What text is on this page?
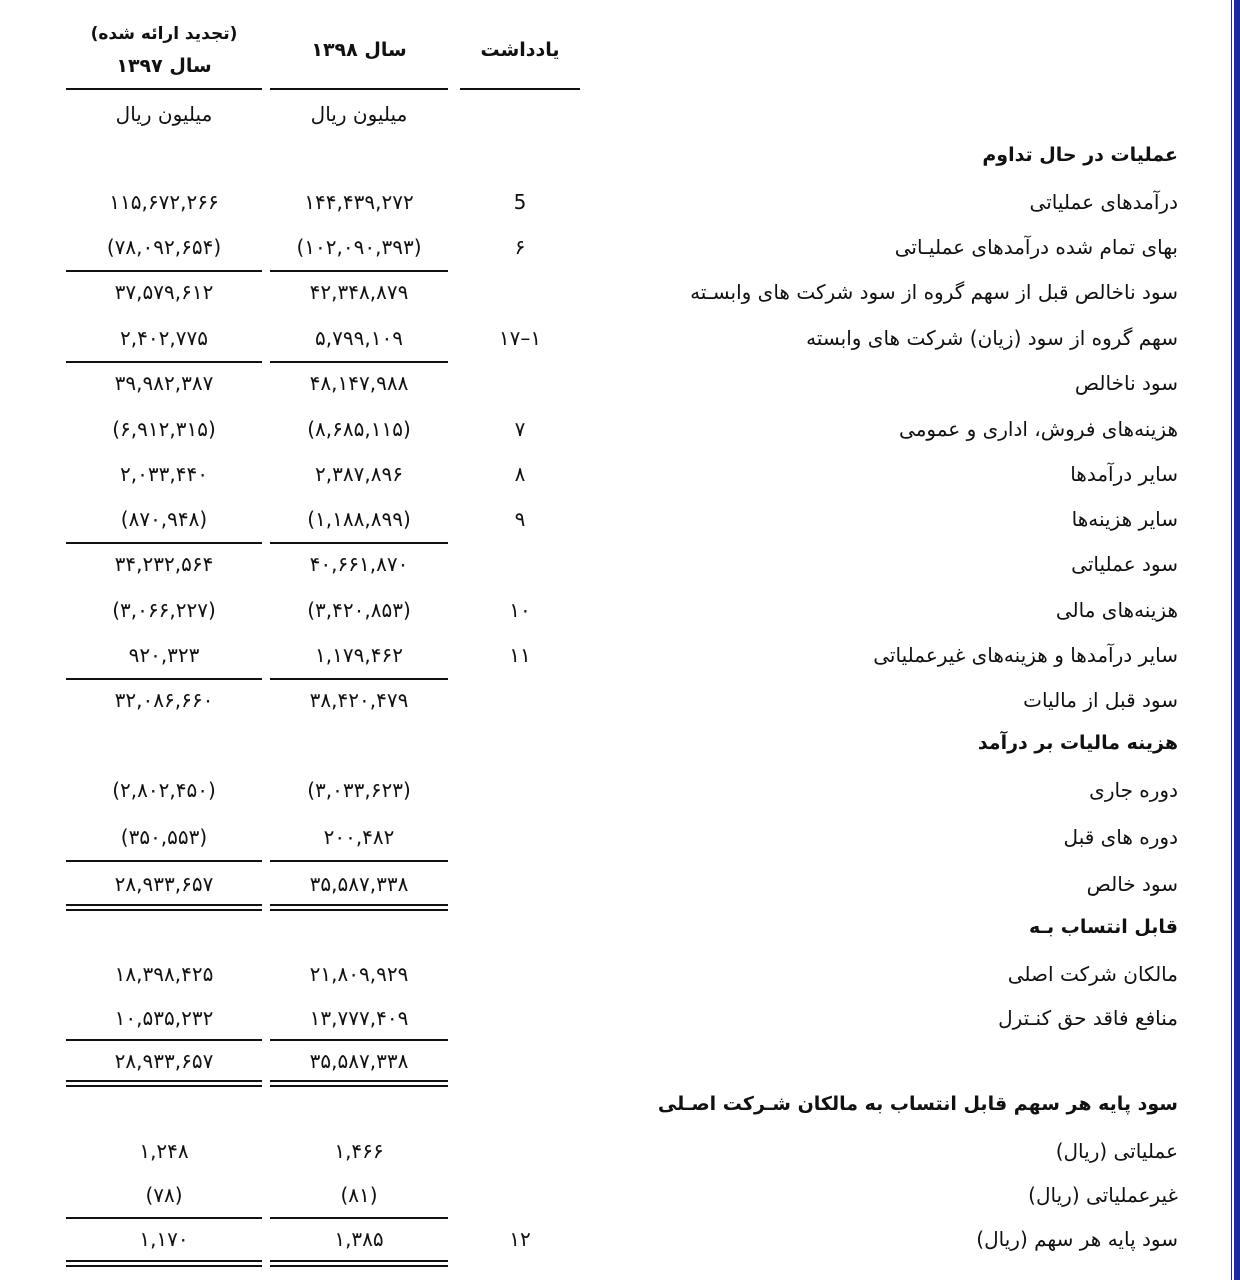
یادداشت
سال ۱۳۹۸
(تجدید ارائه شده)
سال ۱۳۹۷
میلیون ریال
میلیون ریال
عملیات در حال تداوم
درآمدهای عملیاتی
5
۱۴۴,۴۳۹,۲۷۲
۱۱۵,۶۷۲,۲۶۶
بهای تمام شده درآمدهای عملیـاتی
۶
(۱۰۲,۰۹۰,۳۹۳)
(۷۸,۰۹۲,۶۵۴)
سود ناخالص قبل از سهم گروه از سود شرکت های وابسـته
۴۲,۳۴۸,۸۷۹
۳۷,۵۷۹,۶۱۲
سهم گروه از سود (زیان) شرکت های وابسته
۱۷–۱
۵,۷۹۹,۱۰۹
۲,۴۰۲,۷۷۵
سود ناخالص
۴۸,۱۴۷,۹۸۸
۳۹,۹۸۲,۳۸۷
هزینه‌های فروش، اداری و عمومی
۷
(۸,۶۸۵,۱۱۵)
(۶,۹۱۲,۳۱۵)
سایر درآمدها
۸
۲,۳۸۷,۸۹۶
۲,۰۳۳,۴۴۰
سایر هزینه‌ها
۹
(۱,۱۸۸,۸۹۹)
(۸۷۰,۹۴۸)
سود عملیاتی
۴۰,۶۶۱,۸۷۰
۳۴,۲۳۲,۵۶۴
هزینه‌های مالی
۱۰
(۳,۴۲۰,۸۵۳)
(۳,۰۶۶,۲۲۷)
سایر درآمدها و هزینه‌های غیرعملیاتی
۱۱
۱,۱۷۹,۴۶۲
۹۲۰,۳۲۳
سود قبل از مالیات
۳۸,۴۲۰,۴۷۹
۳۲,۰۸۶,۶۶۰
هزینه مالیات بر درآمد
دوره جاری
(۳,۰۳۳,۶۲۳)
(۲,۸۰۲,۴۵۰)
دوره های قبل
۲۰۰,۴۸۲
(۳۵۰,۵۵۳)
سود خالص
۳۵,۵۸۷,۳۳۸
۲۸,۹۳۳,۶۵۷
قابل انتساب بـه
مالکان شرکت اصلی
۲۱,۸۰۹,۹۲۹
۱۸,۳۹۸,۴۲۵
منافع فاقد حق کنـترل
۱۳,۷۷۷,۴۰۹
۱۰,۵۳۵,۲۳۲
۳۵,۵۸۷,۳۳۸
۲۸,۹۳۳,۶۵۷
سود پایه هر سهم قابل انتساب به مالکان شـرکت اصـلی
عملیاتی (ریال)
۱,۴۶۶
۱,۲۴۸
غیرعملیاتی (ریال)
(۸۱)
(۷۸)
سود پایه هر سهم (ریال)
۱۲
۱,۳۸۵
۱,۱۷۰
